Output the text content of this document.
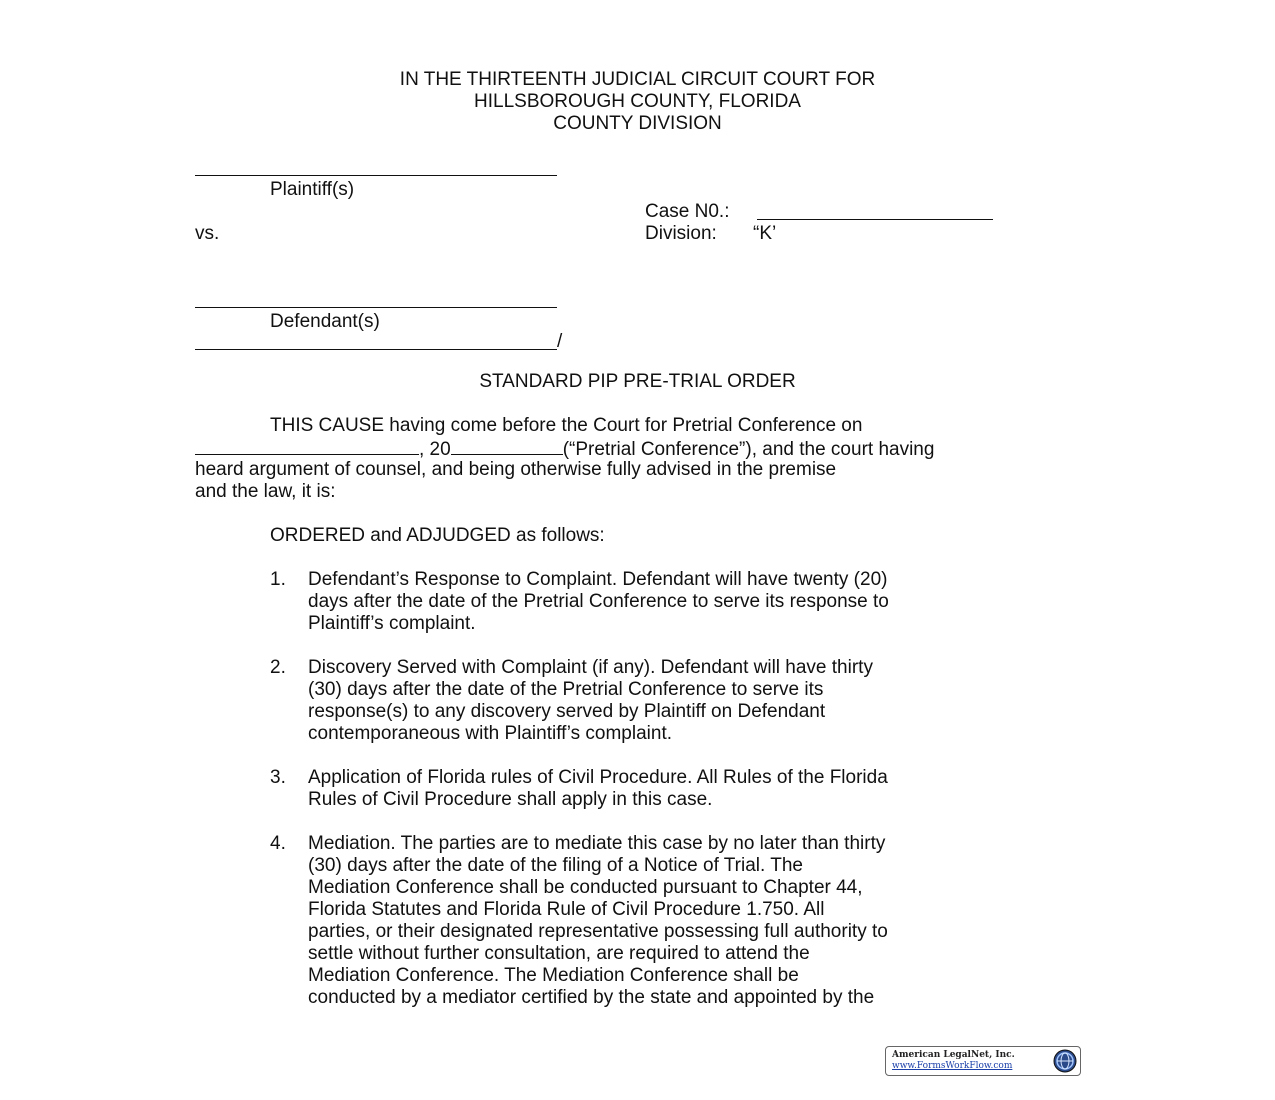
IN THE THIRTEENTH JUDICIAL CIRCUIT COURT FOR
HILLSBOROUGH COUNTY, FLORIDA
COUNTY DIVISION
Plaintiff(s)
Case N0.:
Division: “K’
vs.
Defendant(s)
/
STANDARD PIP PRE-TRIAL ORDER
THIS CAUSE having come before the Court for Pretrial Conference on
, 20	(“Pretrial Conference”), and the court having
heard argument of counsel, and being otherwise fully advised in the premise
and the law, it is:
ORDERED and ADJUDGED as follows:
1. Defendant’s Response to Complaint. Defendant will have twenty (20)
days after the date of the Pretrial Conference to serve its response to
Plaintiff’s complaint.
2. Discovery Served with Complaint (if any). Defendant will have thirty
(30) days after the date of the Pretrial Conference to serve its
response(s) to any discovery served by Plaintiff on Defendant
contemporaneous with Plaintiff’s complaint.
3. Application of Florida rules of Civil Procedure. All Rules of the Florida
Rules of Civil Procedure shall apply in this case.
4. Mediation. The parties are to mediate this case by no later than thirty
(30) days after the date of the filing of a Notice of Trial. The
Mediation Conference shall be conducted pursuant to Chapter 44,
Florida Statutes and Florida Rule of Civil Procedure 1.750. All
parties, or their designated representative possessing full authority to
settle without further consultation, are required to attend the
Mediation Conference. The Mediation Conference shall be
conducted by a mediator certified by the state and appointed by the
American LegalNet, Inc.
www.FormsWorkFlow.com
